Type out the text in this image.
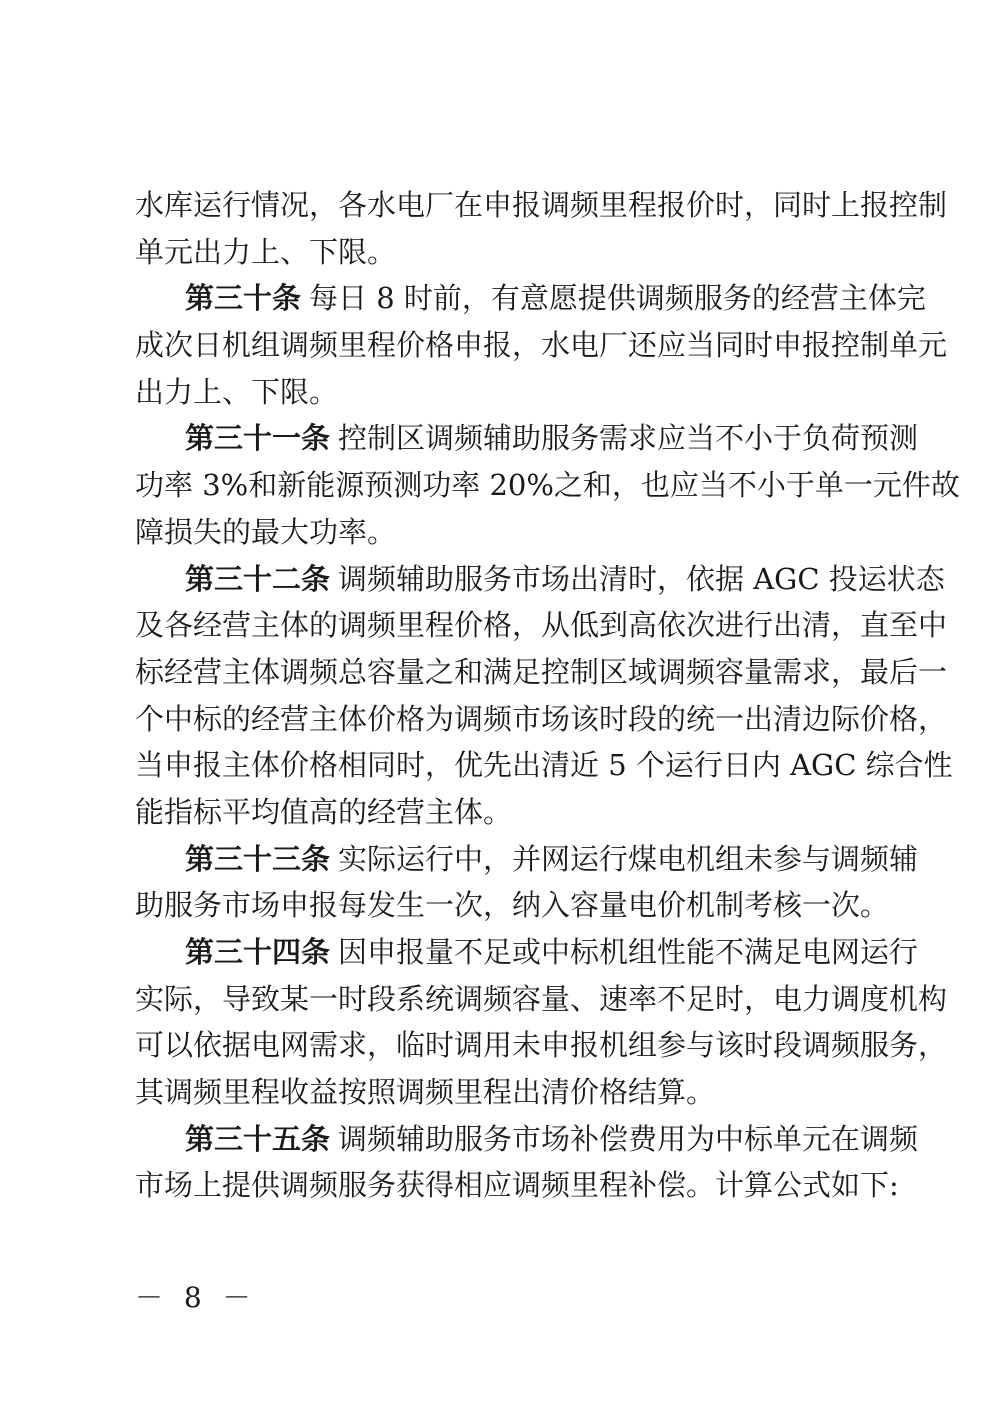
水库运行情况，各水电厂在申报调频里程报价时，同时上报控制
单元出力上、下限。
第三十条 每日 8 时前，有意愿提供调频服务的经营主体完
成次日机组调频里程价格申报，水电厂还应当同时申报控制单元
出力上、下限。
第三十一条 控制区调频辅助服务需求应当不小于负荷预测
功率 3%和新能源预测功率 20%之和，也应当不小于单一元件故
障损失的最大功率。
第三十二条 调频辅助服务市场出清时，依据 AGC 投运状态
及各经营主体的调频里程价格，从低到高依次进行出清，直至中
标经营主体调频总容量之和满足控制区域调频容量需求，最后一
个中标的经营主体价格为调频市场该时段的统一出清边际价格，
当申报主体价格相同时，优先出清近 5 个运行日内 AGC 综合性
能指标平均值高的经营主体。
第三十三条 实际运行中，并网运行煤电机组未参与调频辅
助服务市场申报每发生一次，纳入容量电价机制考核一次。
第三十四条 因申报量不足或中标机组性能不满足电网运行
实际，导致某一时段系统调频容量、速率不足时，电力调度机构
可以依据电网需求，临时调用未申报机组参与该时段调频服务，
其调频里程收益按照调频里程出清价格结算。
第三十五条 调频辅助服务市场补偿费用为中标单元在调频
市场上提供调频服务获得相应调频里程补偿。计算公式如下:
－ 8 －
